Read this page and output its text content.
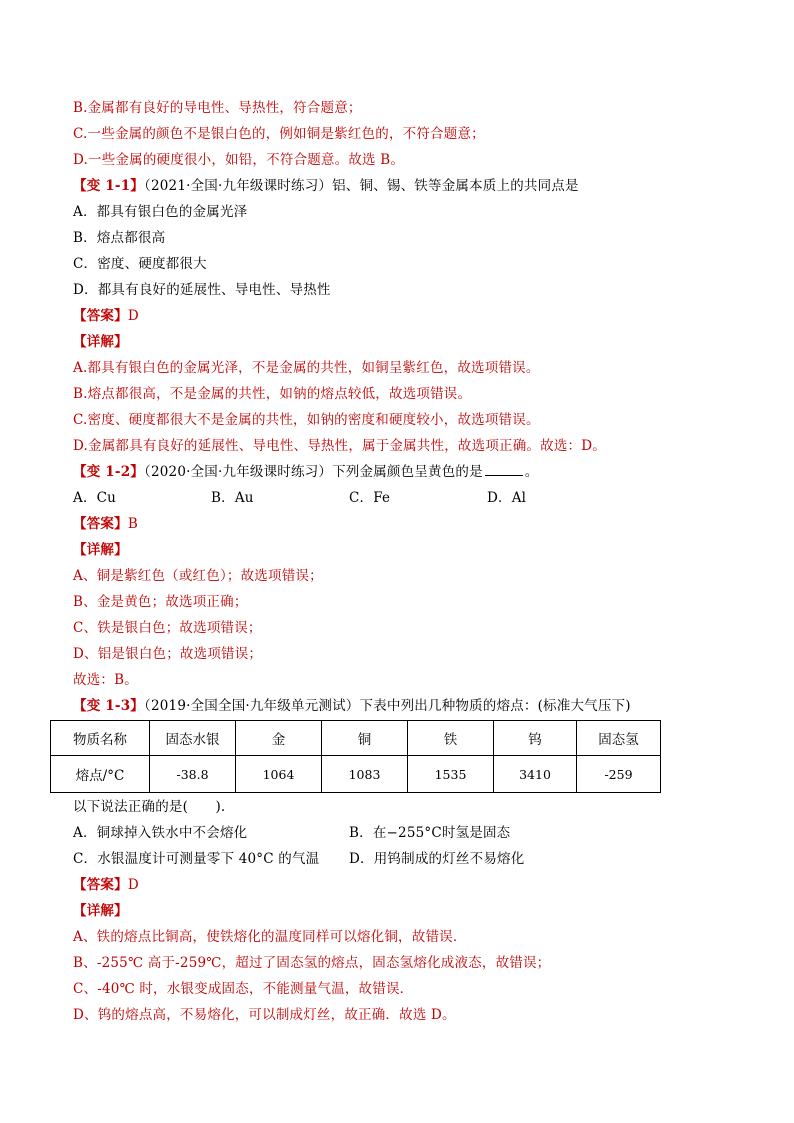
B.金属都有良好的导电性、导热性，符合题意；
C.一些金属的颜色不是银白色的，例如铜是紫红色的，不符合题意；
D.一些金属的硬度很小，如铅，不符合题意。故选 B。
【变 1-1】（2021·全国·九年级课时练习）铝、铜、锡、铁等金属本质上的共同点是
A．都具有银白色的金属光泽
B．熔点都很高
C．密度、硬度都很大
D．都具有良好的延展性、导电性、导热性
【答案】D
【详解】
A.都具有银白色的金属光泽，不是金属的共性，如铜呈紫红色，故选项错误。
B.熔点都很高，不是金属的共性，如钠的熔点较低，故选项错误。
C.密度、硬度都很大不是金属的共性，如钠的密度和硬度较小，故选项错误。
D.金属都具有良好的延展性、导电性、导热性，属于金属共性，故选项正确。故选：D。
【变 1-2】（2020·全国·九年级课时练习）下列金属颜色呈黄色的是	。
A．Cu	B．Au	C．Fe	D．Al
【答案】B
【详解】
A、铜是紫红色（或红色）；故选项错误；
B、金是黄色；故选项正确；
C、铁是银白色；故选项错误；
D、铝是银白色；故选项错误；
故选：B。
【变 1-3】（2019·全国全国·九年级单元测试）下表中列出几种物质的熔点：(标准大气压下)
物质名称	固态水银	金	铜	铁	钨	固态氢
熔点/°C	-38.8	1064	1083	1535	3410	-259
以下说法正确的是(　　).
A．铜球掉入铁水中不会熔化	B．在−255°C时氢是固态
C．水银温度计可测量零下 40°C 的气温 D．用钨制成的灯丝不易熔化
【答案】D
【详解】
A、铁的熔点比铜高，使铁熔化的温度同样可以熔化铜，故错误．
B、-255℃ 高于-259℃，超过了固态氢的熔点，固态氢熔化成液态，故错误；
C、-40℃ 时，水银变成固态，不能测量气温，故错误．
D、钨的熔点高，不易熔化，可以制成灯丝，故正确．故选 D。
